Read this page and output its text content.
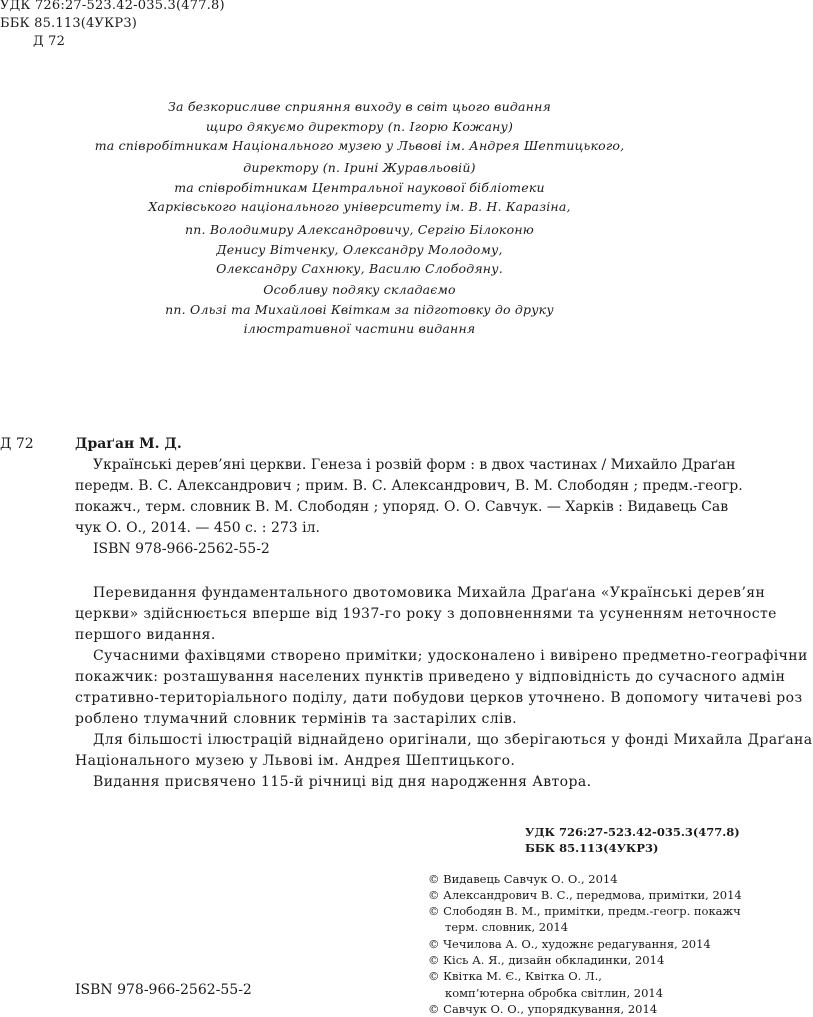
УДК 726:27-523.42-035.3(477.8)
ББК 85.113(4УКР3)
Д 72
За безкорисливе сприяння виходу в світ цього видання
щиро дякуємо директору (п. Ігорю Кожану)
та співробітникам Національного музею у Львові ім. Андрея Шептицького,
директору (п. Ірині Журавльовій)
та співробітникам Центральної наукової бібліотеки
Харківського національного університету ім. В. Н. Каразіна,
пп. Володимиру Александровичу, Сергію Білоконю
Денису Вітченку, Олександру Молодому,
Олександру Сахнюку, Василю Слободяну.
Особливу подяку складаємо
пп. Ользі та Михайлові Квіткам за підготовку до друку
ілюстративної частини видання
Д 72	Драґан М. Д.
Українські дерев’яні церкви. Генеза і розвій форм : в двох частинах / Михайло Драґан
передм. В. С. Александрович ; прим. В. С. Александрович, В. М. Слободян ; предм.-геогр.
покажч., терм. словник В. М. Слободян ; упоряд. О. О. Савчук. — Харків : Видавець Сав
чук О. О., 2014. — 450 с. : 273 іл.
ISBN 978-966-2562-55-2
Перевидання фундаментального двотомовика Михайла Драґана «Українські дерев’ян
церкви» здійснюється вперше від 1937-го року з доповненнями та усуненням неточносте
першого видання.
Сучасними фахівцями створено примітки; удосконалено і вивірено предметно-географічни
покажчик: розташування населених пунктів приведено у відповідність до сучасного адмін
стративно-територіального поділу, дати побудови церков уточнено. В допомогу читачеві роз
роблено тлумачний словник термінів та застарілих слів.
Для більшості ілюстрацій віднайдено оригінали, що зберігаються у фонді Михайла Драґана
Національного музею у Львові ім. Андрея Шептицького.
Видання присвячено 115-й річниці від дня народження Автора.
УДК 726:27-523.42-035.3(477.8)
ББК 85.113(4УКР3)
© Видавець Савчук О. О., 2014
© Александрович В. С., передмова, примітки, 2014
© Слободян В. М., примітки, предм.-геогр. покажч
терм. словник, 2014
© Чечилова А. О., художнє редагування, 2014
© Кісь А. Я., дизайн обкладинки, 2014
© Квітка М. Є., Квітка О. Л.,
комп’ютерна обробка світлин, 2014
© Савчук О. О., упорядкування, 2014
ISBN 978-966-2562-55-2
